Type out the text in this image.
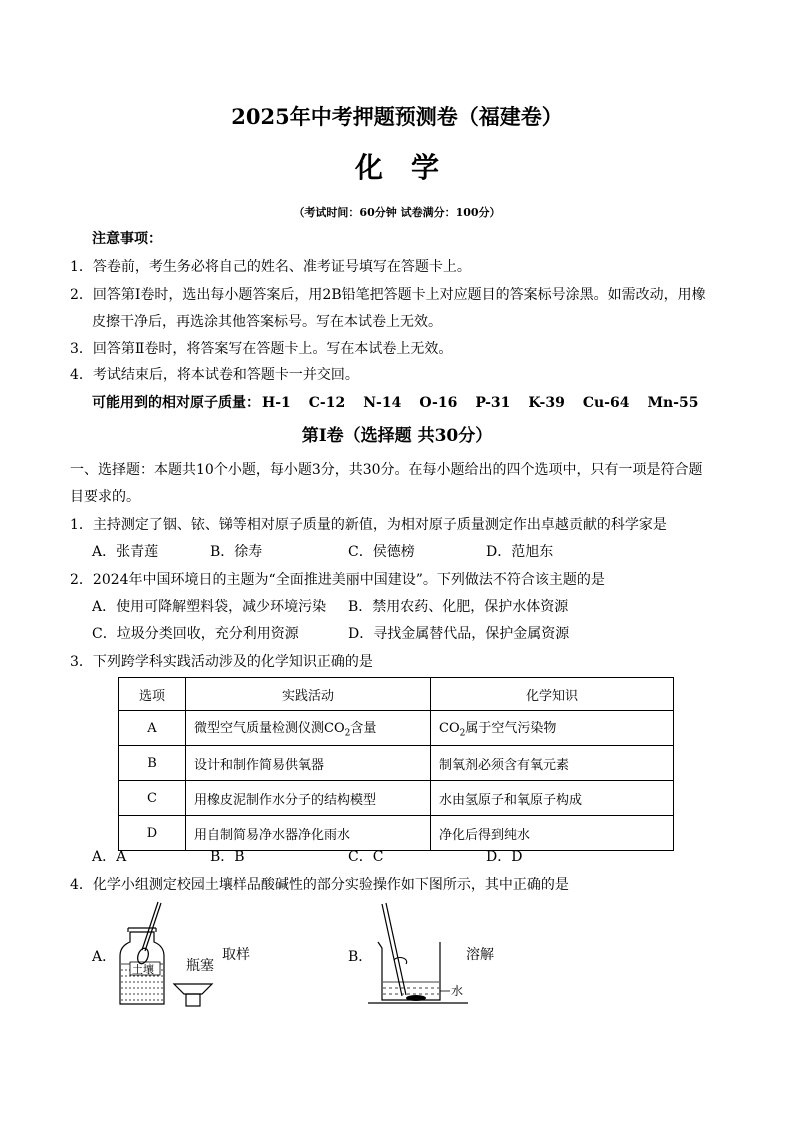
2025年中考押题预测卷（福建卷）
化学
（考试时间：60分钟 试卷满分：100分）
注意事项：
1．答卷前，考生务必将自己的姓名、准考证号填写在答题卡上。
2．回答第Ⅰ卷时，选出每小题答案后，用2B铅笔把答题卡上对应题目的答案标号涂黑。如需改动，用橡
皮擦干净后，再选涂其他答案标号。写在本试卷上无效。
3．回答第Ⅱ卷时，将答案写在答题卡上。写在本试卷上无效。
4．考试结束后，将本试卷和答题卡一并交回。
可能用到的相对原子质量： H-1 C-12 N-14 O-16 P-31 K-39 Cu-64 Mn-55
第Ⅰ卷（选择题 共30分）
一、选择题：本题共10个小题，每小题3分，共30分。在每小题给出的四个选项中，只有一项是符合题
目要求的。
1．主持测定了铟、铱、锑等相对原子质量的新值，为相对原子质量测定作出卓越贡献的科学家是
A．张青莲	B．徐寿	C．侯德榜	D．范旭东
2．2024年中国环境日的主题为“全面推进美丽中国建设”。下列做法不符合该主题的是
A．使用可降解塑料袋，减少环境污染 B．禁用农药、化肥，保护水体资源
C．垃圾分类回收，充分利用资源	D．寻找金属替代品，保护金属资源
3．下列跨学科实践活动涉及的化学知识正确的是
选项	实践活动	化学知识
A	微型空气质量检测仪测$CO_2$含量	$CO_2$属于空气污染物
B	设计和制作简易供氧器	制氧剂必须含有氧元素
C	用橡皮泥制作水分子的结构模型	水由氢原子和氧原子构成
D	用自制简易净水器净化雨水	净化后得到纯水
A．A	B．B	C．C	D．D
4．化学小组测定校园土壤样品酸碱性的部分实验操作如下图所示，其中正确的是
A．
土壤 瓶塞
取样	B．
水
溶解
